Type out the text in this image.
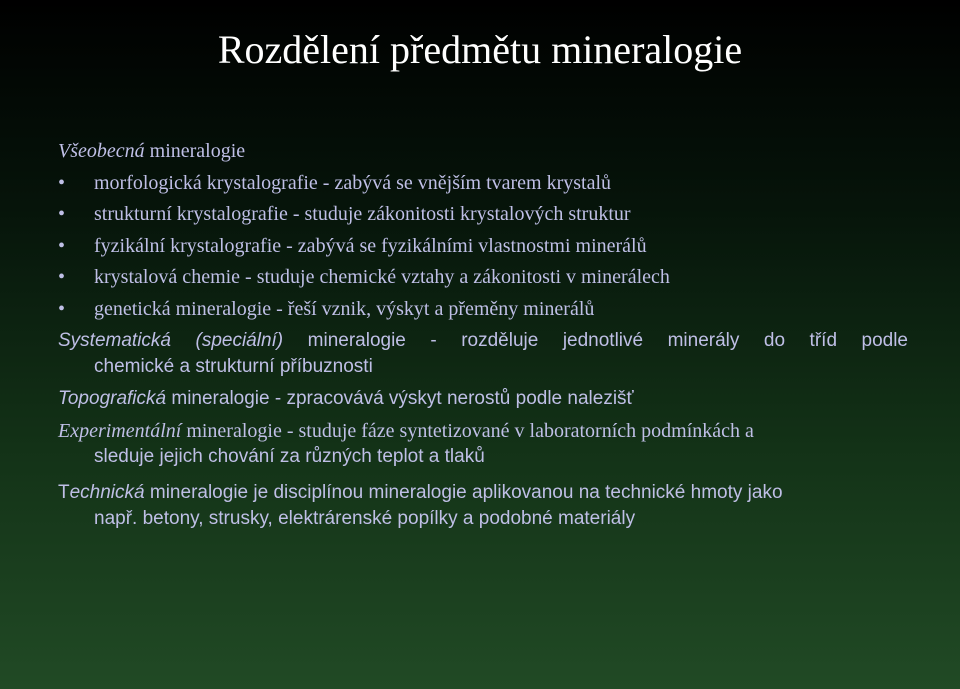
Rozdělení předmětu mineralogie
Všeobecná mineralogie
• morfologická krystalografie - zabývá se vnějším tvarem krystalů
• strukturní krystalografie - studuje zákonitosti krystalových struktur
• fyzikální krystalografie - zabývá se fyzikálními vlastnostmi minerálů
• krystalová chemie - studuje chemické vztahy a zákonitosti v minerálech
• genetická mineralogie - řeší vznik, výskyt a přeměny minerálů
Systematická (speciální) mineralogie - rozděluje jednotlivé minerály do tříd podle
chemické a strukturní příbuznosti
Topografická mineralogie - zpracovává výskyt nerostů podle nalezišť
Experimentální mineralogie - studuje fáze syntetizované v laboratorních podmínkách a
sleduje jejich chování za různých teplot a tlaků
Technická mineralogie je disciplínou mineralogie aplikovanou na technické hmoty jako
např. betony, strusky, elektrárenské popílky a podobné materiály
